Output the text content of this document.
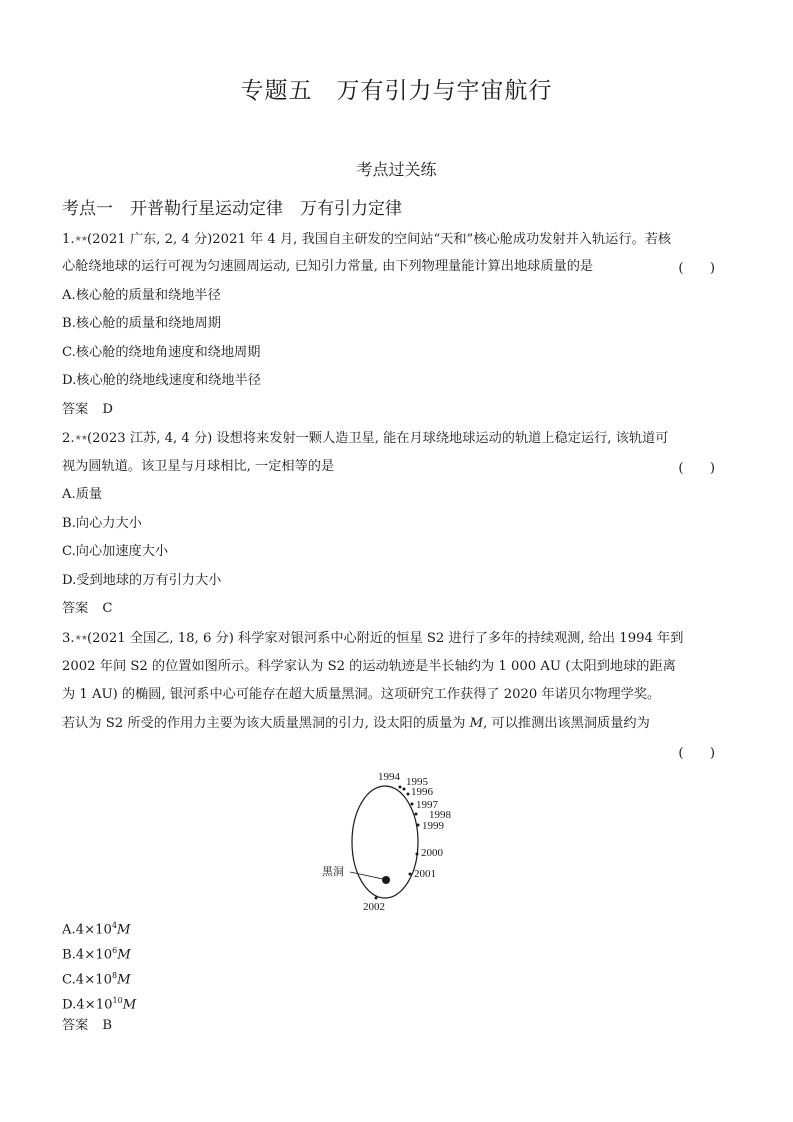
专题五　万有引力与宇宙航行
考点过关练
考点一　开普勒行星运动定律　万有引力定律
1.★★(2021 广东, 2, 4 分)2021 年 4 月, 我国自主研发的空间站“天和”核心舱成功发射并入轨运行。若核
心舱绕地球的运行可视为匀速圆周运动, 已知引力常量, 由下列物理量能计算出地球质量的是	(　　)
A.核心舱的质量和绕地半径
B.核心舱的质量和绕地周期
C.核心舱的绕地角速度和绕地周期
D.核心舱的绕地线速度和绕地半径
答案 D
2.★★(2023 江苏, 4, 4 分) 设想将来发射一颗人造卫星, 能在月球绕地球运动的轨道上稳定运行, 该轨道可
视为圆轨道。该卫星与月球相比, 一定相等的是	(　　)
A.质量
B.向心力大小
C.向心加速度大小
D.受到地球的万有引力大小
答案 C
3.★★(2021 全国乙, 18, 6 分) 科学家对银河系中心附近的恒星 S2 进行了多年的持续观测, 给出 1994 年到
2002 年间 S2 的位置如图所示。科学家认为 S2 的运动轨迹是半长轴约为 1 000 AU (太阳到地球的距离
为 1 AU) 的椭圆, 银河系中心可能存在超大质量黑洞。这项研究工作获得了 2020 年诺贝尔物理学奖。
若认为 S2 所受的作用力主要为该大质量黑洞的引力, 设太阳的质量为 M, 可以推测出该黑洞质量约为
(　　)
1994 1995
1996
1997
1998
1999
2000
2001
2002
黑洞
$A.4\times 10^4M$
$B.4\times 10^6M$
$C.4\times 10^8M$
$D.4\times 10^{10}M$
答案 B
